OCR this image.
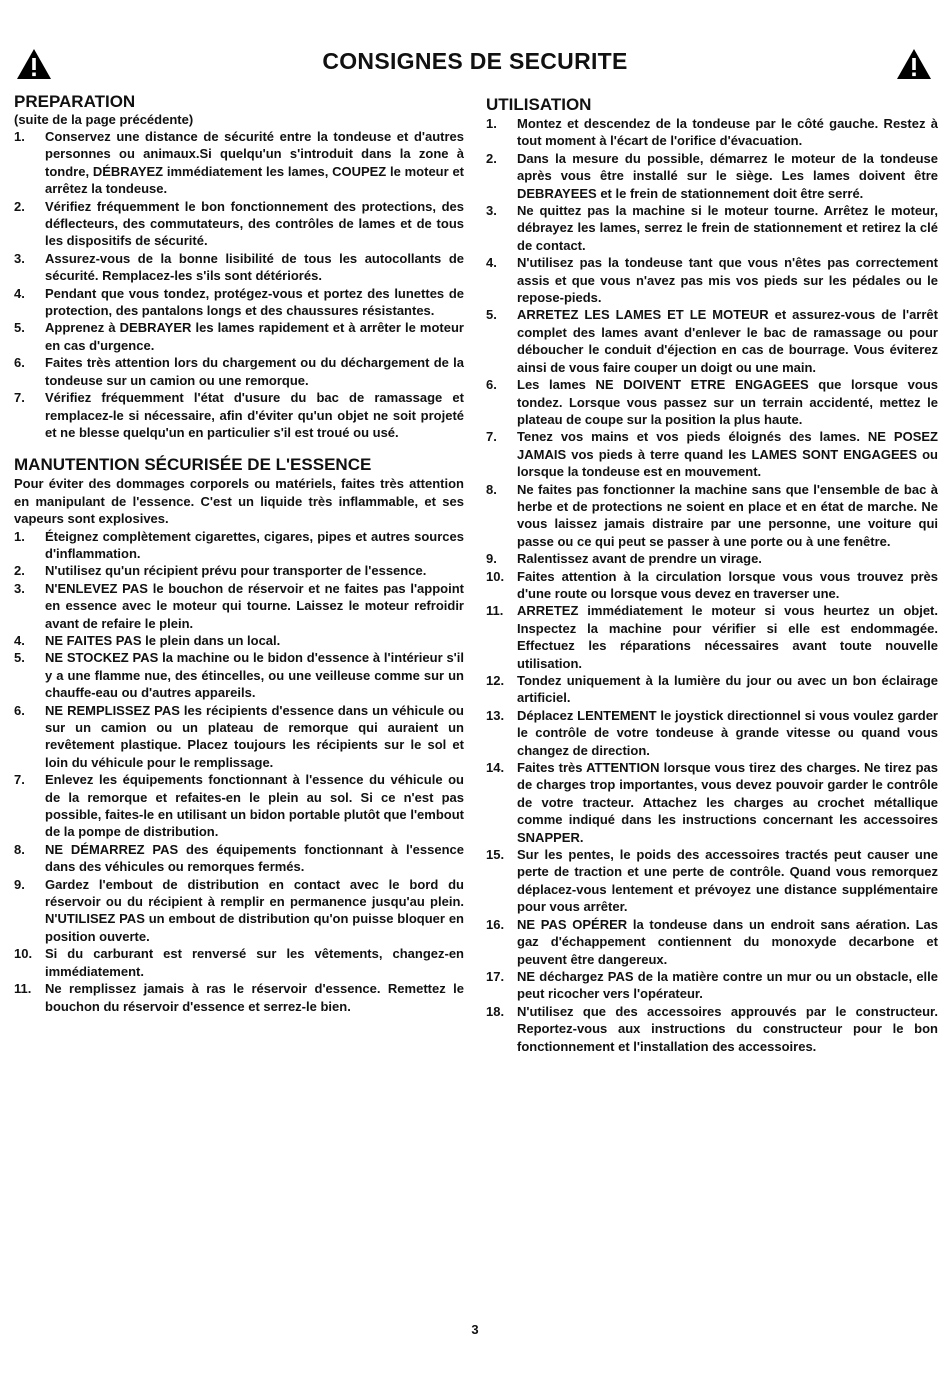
CONSIGNES DE SECURITE
PREPARATION

(suite de la page précédente)

1. Conservez une distance de sécurité entre la tondeuse et d'autres personnes ou animaux.Si quelqu'un s'introduit dans la zone à tondre, DÉBRAYEZ immédiatement les lames, COUPEZ le moteur et arrêtez la tondeuse.
2. Vérifiez fréquemment le bon fonctionnement des protections, des déflecteurs, des commutateurs, des contrôles de lames et de tous les dispositifs de sécurité.
3. Assurez-vous de la bonne lisibilité de tous les autocollants de sécurité. Remplacez-les s'ils sont détériorés.
4. Pendant que vous tondez, protégez-vous et portez des lunettes de protection, des pantalons longs et des chaussures résistantes.
5. Apprenez à DEBRAYER les lames rapidement et à arrêter le moteur en cas d'urgence.
6. Faites très attention lors du chargement ou du déchargement de la tondeuse sur un camion ou une remorque.
7. Vérifiez fréquemment l'état d'usure du bac de ramassage et remplacez-le si nécessaire, afin d'éviter qu'un objet ne soit projeté et ne blesse quelqu'un en particulier s'il est troué ou usé.
MANUTENTION SÉCURISÉE DE L'ESSENCE

Pour éviter des dommages corporels ou matériels, faites très attention en manipulant de l'essence. C'est un liquide très inflammable, et ses vapeurs sont explosives.

1. Éteignez complètement cigarettes, cigares, pipes et autres sources d'inflammation.
2. N'utilisez qu'un récipient prévu pour transporter de l'essence.
3. N'ENLEVEZ PAS le bouchon de réservoir et ne faites pas l'appoint en essence avec le moteur qui tourne. Laissez le moteur refroidir avant de refaire le plein.
4. NE FAITES PAS le plein dans un local.
5. NE STOCKEZ PAS la machine ou le bidon d'essence à l'intérieur s'il y a une flamme nue, des étincelles, ou une veilleuse comme sur un chauffe-eau ou d'autres appareils.
6. NE REMPLISSEZ PAS les récipients d'essence dans un véhicule ou sur un camion ou un plateau de remorque qui auraient un revêtement plastique. Placez toujours les récipients sur le sol et loin du véhicule pour le remplissage.
7. Enlevez les équipements fonctionnant à l'essence du véhicule ou de la remorque et refaites-en le plein au sol. Si ce n'est pas possible, faites-le en utilisant un bidon portable plutôt que l'embout de la pompe de distribution.
8. NE DÉMARREZ PAS des équipements fonctionnant à l'essence dans des véhicules ou remorques fermés.
9. Gardez l'embout de distribution en contact avec le bord du réservoir ou du récipient à remplir en permanence jusqu'au plein. N'UTILISEZ PAS un embout de distribution qu'on puisse bloquer en position ouverte.
10. Si du carburant est renversé sur les vêtements, changez-en immédiatement.
11. Ne remplissez jamais à ras le réservoir d'essence. Remettez le bouchon du réservoir d'essence et serrez-le bien.
UTILISATION
1. Montez et descendez de la tondeuse par le côté gauche. Restez à tout moment à l'écart de l'orifice d'évacuation.
2. Dans la mesure du possible, démarrez le moteur de la tondeuse après vous être installé sur le siège. Les lames doivent être DEBRAYEES et le frein de stationnement doit être serré.
3. Ne quittez pas la machine si le moteur tourne. Arrêtez le moteur, débrayez les lames, serrez le frein de stationnement et retirez la clé de contact.
4. N'utilisez pas la tondeuse tant que vous n'êtes pas correctement assis et que vous n'avez pas mis vos pieds sur les pédales ou le repose-pieds.
5. ARRETEZ LES LAMES ET LE MOTEUR et assurez-vous de l'arrêt complet des lames avant d'enlever le bac de ramassage ou pour déboucher le conduit d'éjection en cas de bourrage. Vous éviterez ainsi de vous faire couper un doigt ou une main.
6. Les lames NE DOIVENT ETRE ENGAGEES que lorsque vous tondez. Lorsque vous passez sur un terrain accidenté, mettez le plateau de coupe sur la position la plus haute.
7. Tenez vos mains et vos pieds éloignés des lames. NE POSEZ JAMAIS vos pieds à terre quand les LAMES SONT ENGAGEES ou lorsque la tondeuse est en mouvement.
8. Ne faites pas fonctionner la machine sans que l'ensemble de bac à herbe et de protections ne soient en place et en état de marche. Ne vous laissez jamais distraire par une personne, une voiture qui passe ou ce qui peut se passer à une porte ou à une fenêtre.
9. Ralentissez avant de prendre un virage.
10. Faites attention à la circulation lorsque vous vous trouvez près d'une route ou lorsque vous devez en traverser une.
11. ARRETEZ immédiatement le moteur si vous heurtez un objet. Inspectez la machine pour vérifier si elle est endommagée. Effectuez les réparations nécessaires avant toute nouvelle utilisation.
12. Tondez uniquement à la lumière du jour ou avec un bon éclairage artificiel.
13. Déplacez LENTEMENT le joystick directionnel si vous voulez garder le contrôle de votre tondeuse à grande vitesse ou quand vous changez de direction.
14. Faites très ATTENTION lorsque vous tirez des charges. Ne tirez pas de charges trop importantes, vous devez pouvoir garder le contrôle de votre tracteur. Attachez les charges au crochet métallique comme indiqué dans les instructions concernant les accessoires SNAPPER.
15. Sur les pentes, le poids des accessoires tractés peut causer une perte de traction et une perte de contrôle. Quand vous remorquez déplacez-vous lentement et prévoyez une distance supplémentaire pour vous arrêter.
16. NE PAS OPÉRER la tondeuse dans un endroit sans aération. Las gaz d'échappement contiennent du monoxyde decarbone et peuvent être dangereux.
17. NE déchargez PAS de la matière contre un mur ou un obstacle, elle peut ricocher vers l'opérateur.
18. N'utilisez que des accessoires approuvés par le constructeur. Reportez-vous aux instructions du constructeur pour le bon fonctionnement et l'installation des accessoires.
3
